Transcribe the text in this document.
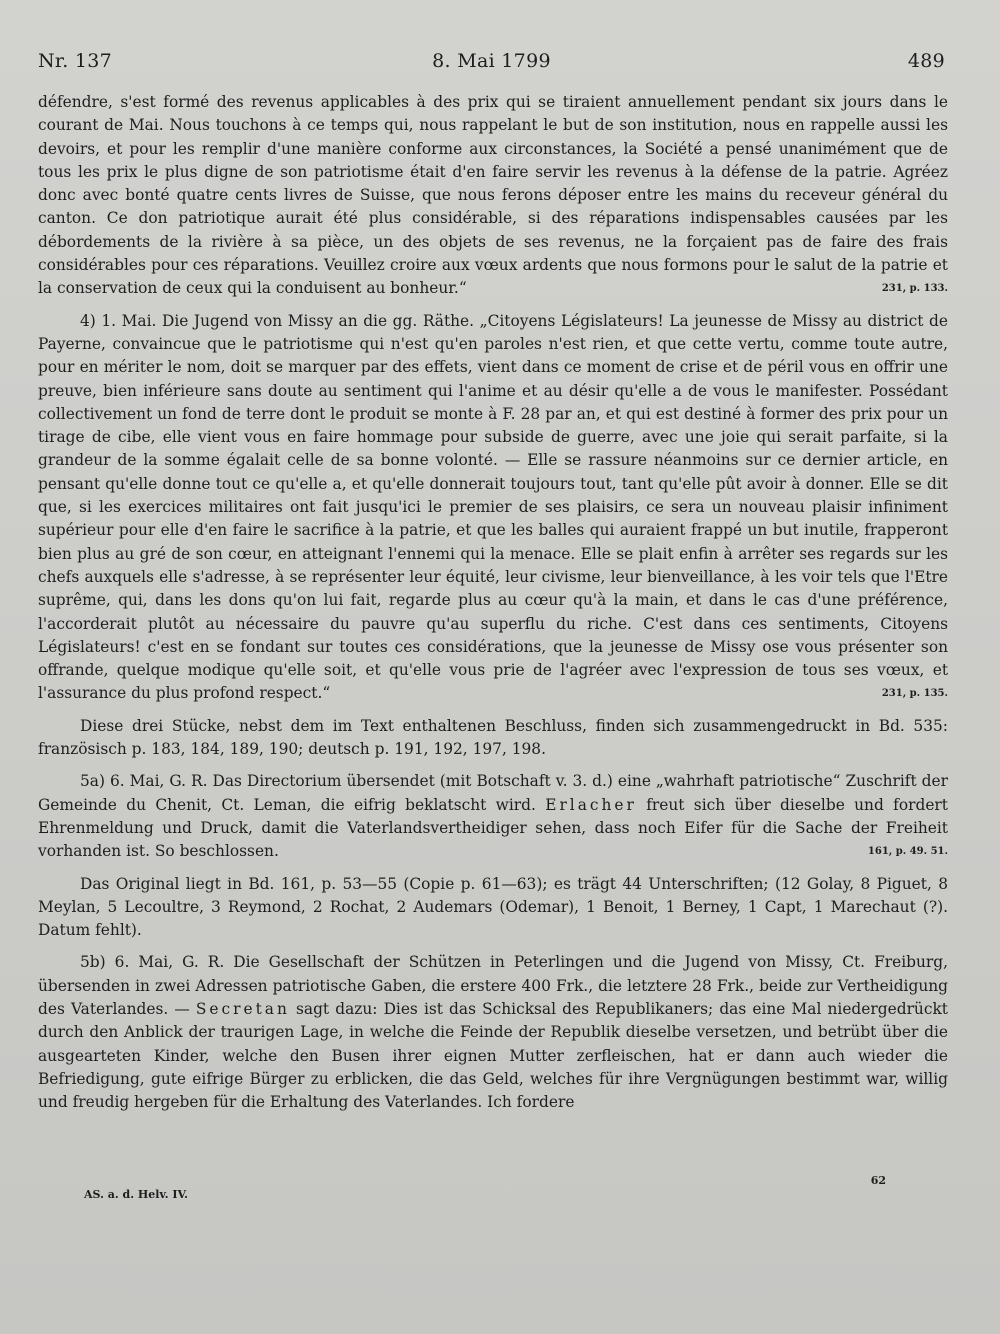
Nr. 137	8. Mai 1799	489

défendre, s'est formé des revenus applicables à des prix qui se tiraient annuellement pendant six jours dans le courant de Mai. Nous touchons à ce temps qui, nous rappelant le but de son institution, nous en rappelle aussi les devoirs, et pour les remplir d'une manière conforme aux circonstances, la Société a pensé unanimément que de tous les prix le plus digne de son patriotisme était d'en faire servir les revenus à la défense de la patrie. Agréez donc avec bonté quatre cents livres de Suisse, que nous ferons déposer entre les mains du receveur général du canton. Ce don patriotique aurait été plus considérable, si des réparations indispensables causées par les débordements de la rivière à sa pièce, un des objets de ses revenus, ne la forçaient pas de faire des frais considérables pour ces réparations. Veuillez croire aux vœux ardents que nous formons pour le salut de la patrie et la conservation de ceux qui la conduisent au bonheur.“	231, p. 133.

4) 1. Mai. Die Jugend von Missy an die gg. Räthe. „Citoyens Législateurs! La jeunesse de Missy au district de Payerne, convaincue que le patriotisme qui n'est qu'en paroles n'est rien, et que cette vertu, comme toute autre, pour en mériter le nom, doit se marquer par des effets, vient dans ce moment de crise et de péril vous en offrir une preuve, bien inférieure sans doute au sentiment qui l'anime et au désir qu'elle a de vous le manifester. Possédant collectivement un fond de terre dont le produit se monte à F. 28 par an, et qui est destiné à former des prix pour un tirage de cibe, elle vient vous en faire hommage pour subside de guerre, avec une joie qui serait parfaite, si la grandeur de la somme égalait celle de sa bonne volonté. — Elle se rassure néanmoins sur ce dernier article, en pensant qu'elle donne tout ce qu'elle a, et qu'elle donnerait toujours tout, tant qu'elle pût avoir à donner. Elle se dit que, si les exercices militaires ont fait jusqu'ici le premier de ses plaisirs, ce sera un nouveau plaisir infiniment supérieur pour elle d'en faire le sacrifice à la patrie, et que les balles qui auraient frappé un but inutile, frapperont bien plus au gré de son cœur, en atteignant l'ennemi qui la menace. Elle se plait enfin à arrêter ses regards sur les chefs auxquels elle s'adresse, à se représenter leur équité, leur civisme, leur bienveillance, à les voir tels que l'Etre suprême, qui, dans les dons qu'on lui fait, regarde plus au cœur qu'à la main, et dans le cas d'une préférence, l'accorderait plutôt au nécessaire du pauvre qu'au superflu du riche. C'est dans ces sentiments, Citoyens Législateurs! c'est en se fondant sur toutes ces considérations, que la jeunesse de Missy ose vous présenter son offrande, quelque modique qu'elle soit, et qu'elle vous prie de l'agréer avec l'expression de tous ses vœux, et l'assurance du plus profond respect.“	231, p. 135.

Diese drei Stücke, nebst dem im Text enthaltenen Beschluss, finden sich zusammengedruckt in Bd. 535: französisch p. 183, 184, 189, 190; deutsch p. 191, 192, 197, 198.

5a) 6. Mai, G. R. Das Directorium übersendet (mit Botschaft v. 3. d.) eine „wahrhaft patriotische“ Zuschrift der Gemeinde du Chenit, Ct. Leman, die eifrig beklatscht wird. Erlacher freut sich über dieselbe und fordert Ehrenmeldung und Druck, damit die Vaterlandsvertheidiger sehen, dass noch Eifer für die Sache der Freiheit vorhanden ist. So beschlossen.	161, p. 49. 51.

Das Original liegt in Bd. 161, p. 53—55 (Copie p. 61—63); es trägt 44 Unterschriften; (12 Golay, 8 Piguet, 8 Meylan, 5 Lecoultre, 3 Reymond, 2 Rochat, 2 Audemars (Odemar), 1 Benoit, 1 Berney, 1 Capt, 1 Marechaut (?). Datum fehlt).

5b) 6. Mai, G. R. Die Gesellschaft der Schützen in Peterlingen und die Jugend von Missy, Ct. Freiburg, übersenden in zwei Adressen patriotische Gaben, die erstere 400 Frk., die letztere 28 Frk., beide zur Vertheidigung des Vaterlandes. — Secretan sagt dazu: Dies ist das Schicksal des Republikaners; das eine Mal niedergedrückt durch den Anblick der traurigen Lage, in welche die Feinde der Republik dieselbe versetzen, und betrübt über die ausgearteten Kinder, welche den Busen ihrer eignen Mutter zerfleischen, hat er dann auch wieder die Befriedigung, gute eifrige Bürger zu erblicken, die das Geld, welches für ihre Vergnügungen bestimmt war, willig und freudig hergeben für die Erhaltung des Vaterlandes. Ich fordere

AS. a. d. Helv. IV.
62
